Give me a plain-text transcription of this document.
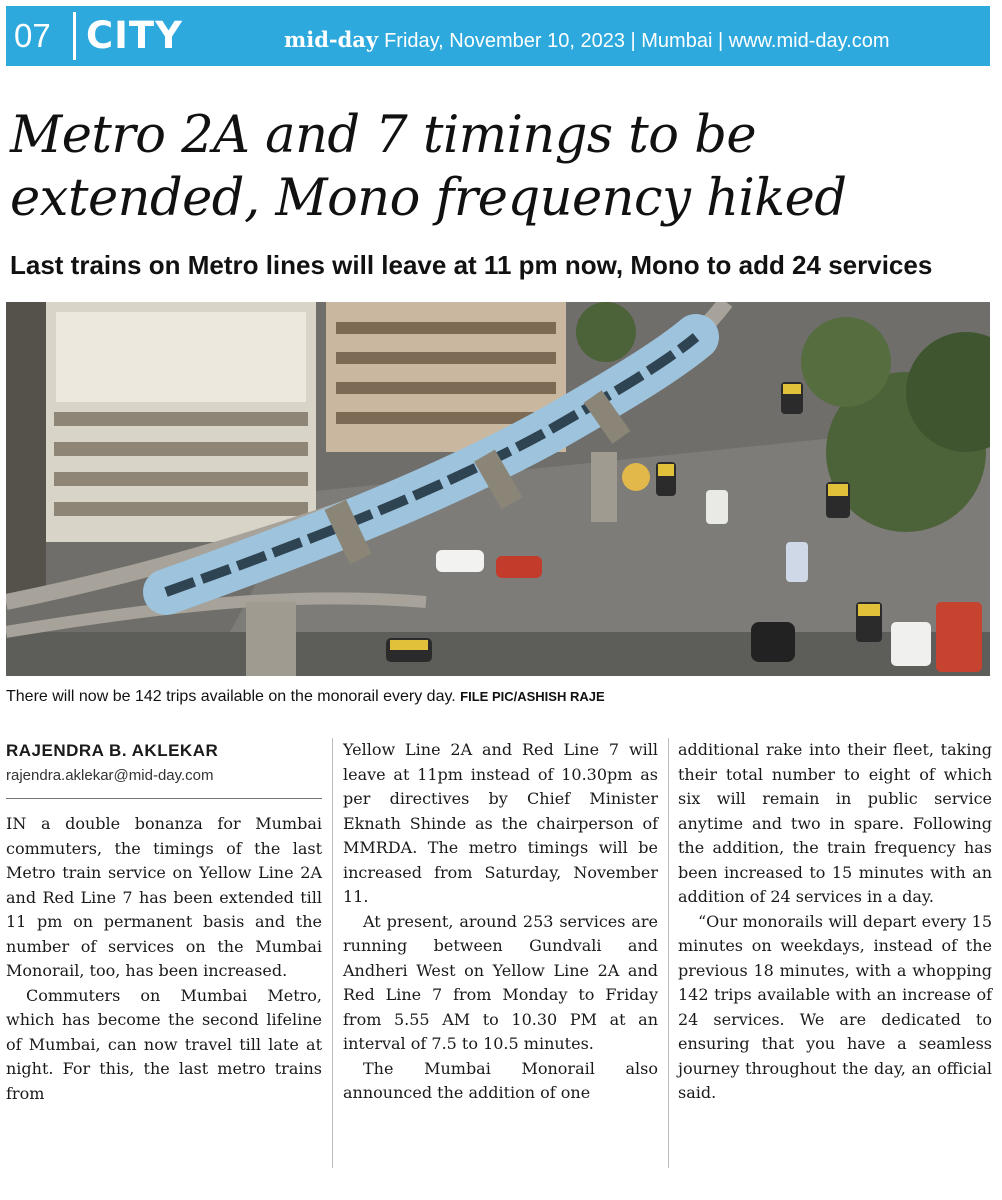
07 CITY	mid-day Friday, November 10, 2023 | Mumbai | www.mid-day.com
Metro 2A and 7 timings to be extended, Mono frequency hiked
Last trains on Metro lines will leave at 11 pm now, Mono to add 24 services
There will now be 142 trips available on the monorail every day. FILE PIC/ASHISH RAJE
RAJENDRA B. AKLEKAR
rajendra.aklekar@mid-day.com

IN a double bonanza for Mumbai commuters, the timings of the last Metro train service on Yellow Line 2A and Red Line 7 has been extended till 11 pm on permanent basis and the number of services on the Mumbai Monorail, too, has been increased.

Commuters on Mumbai Metro, which has become the second lifeline of Mumbai, can now travel till late at night. For this, the last metro trains from

Yellow Line 2A and Red Line 7 will leave at 11pm instead of 10.30pm as per directives by Chief Minister Eknath Shinde as the chairperson of MMRDA. The metro timings will be increased from Saturday, November 11.

At present, around 253 services are running between Gundvali and Andheri West on Yellow Line 2A and Red Line 7 from Monday to Friday from 5.55 AM to 10.30 PM at an interval of 7.5 to 10.5 minutes.

The Mumbai Monorail also announced the addition of one

additional rake into their fleet, taking their total number to eight of which six will remain in public service anytime and two in spare. Following the addition, the train frequency has been increased to 15 minutes with an addition of 24 services in a day.

“Our monorails will depart every 15 minutes on weekdays, instead of the previous 18 minutes, with a whopping 142 trips available with an increase of 24 services. We are dedicated to ensuring that you have a seamless journey throughout the day, an official said.
